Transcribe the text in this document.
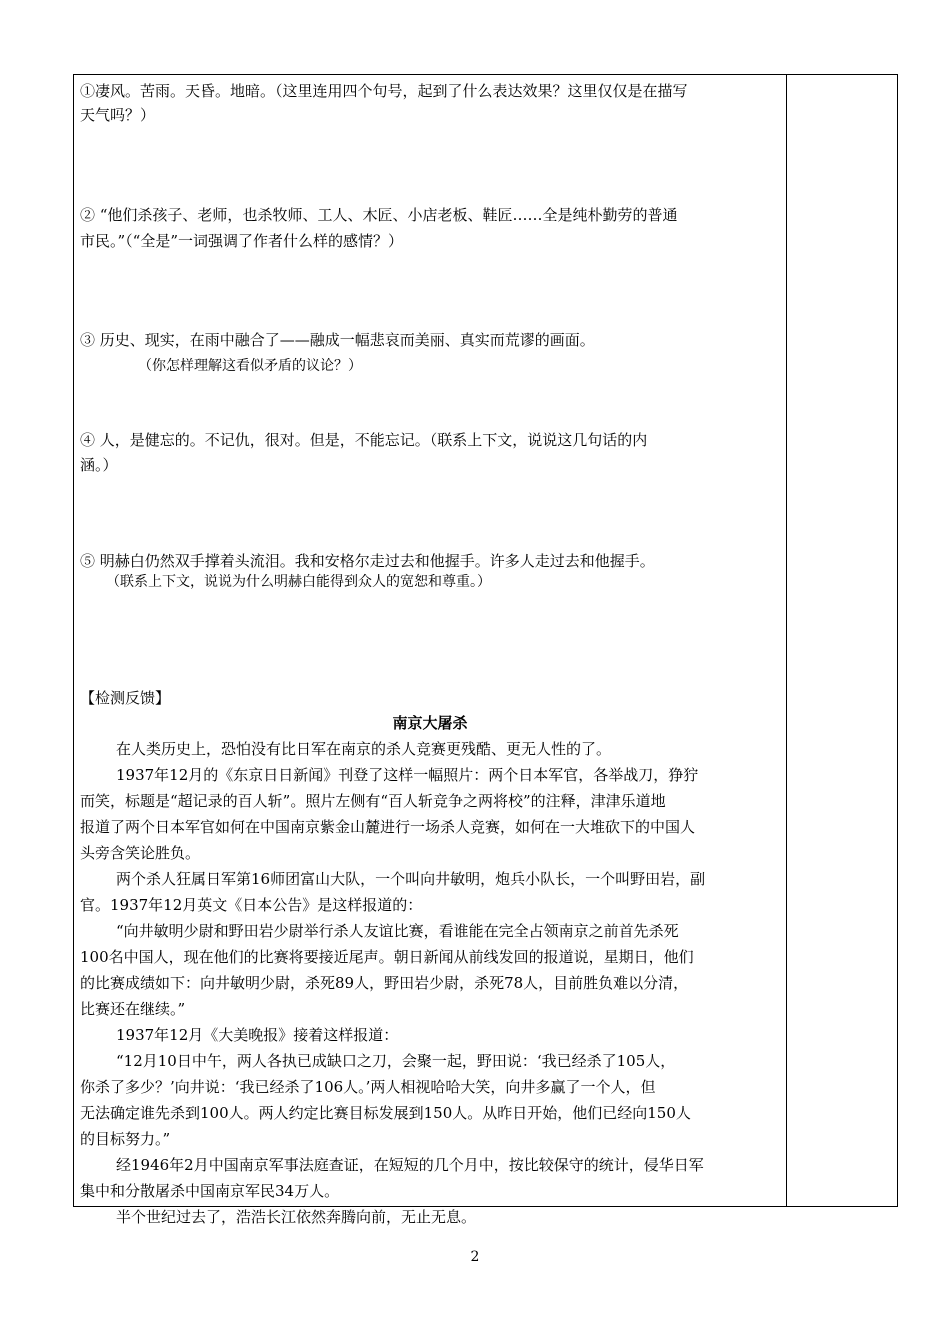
①凄风。苦雨。天昏。地暗。（这里连用四个句号，起到了什么表达效果？这里仅仅是在描写
天气吗？）
② “他们杀孩子、老师，也杀牧师、工人、木匠、小店老板、鞋匠……全是纯朴勤劳的普通
市民。”（“全是”一词强调了作者什么样的感情？）
③ 历史、现实，在雨中融合了——融成一幅悲哀而美丽、真实而荒谬的画面。
（你怎样理解这看似矛盾的议论？）
④ 人，是健忘的。不记仇，很对。但是，不能忘记。（联系上下文，说说这几句话的内
涵。）
⑤ 明赫白仍然双手撑着头流泪。我和安格尔走过去和他握手。许多人走过去和他握手。
（联系上下文，说说为什么明赫白能得到众人的宽恕和尊重。）
【检测反馈】
南京大屠杀
在人类历史上，恐怕没有比日军在南京的杀人竞赛更残酷、更无人性的了。
1937年12月的《东京日日新闻》刊登了这样一幅照片：两个日本军官，各举战刀，狰狞
而笑，标题是“超记录的百人斩”。照片左侧有“百人斩竞争之两将校”的注释，津津乐道地
报道了两个日本军官如何在中国南京紫金山麓进行一场杀人竞赛，如何在一大堆砍下的中国人
头旁含笑论胜负。
两个杀人狂属日军第16师团富山大队，一个叫向井敏明，炮兵小队长，一个叫野田岩，副
官。1937年12月英文《日本公告》是这样报道的：
“向井敏明少尉和野田岩少尉举行杀人友谊比赛，看谁能在完全占领南京之前首先杀死
100名中国人，现在他们的比赛将要接近尾声。朝日新闻从前线发回的报道说，星期日，他们
的比赛成绩如下：向井敏明少尉，杀死89人，野田岩少尉，杀死78人，目前胜负难以分清，
比赛还在继续。”
1937年12月《大美晚报》接着这样报道：
“12月10日中午，两人各执已成缺口之刀，会聚一起，野田说：‘我已经杀了105人，
你杀了多少？’向井说：‘我已经杀了106人。’两人相视哈哈大笑，向井多赢了一个人，但
无法确定谁先杀到100人。两人约定比赛目标发展到150人。从昨日开始，他们已经向150人
的目标努力。”
经1946年2月中国南京军事法庭查证，在短短的几个月中，按比较保守的统计，侵华日军
集中和分散屠杀中国南京军民34万人。
半个世纪过去了，浩浩长江依然奔腾向前，无止无息。
2
